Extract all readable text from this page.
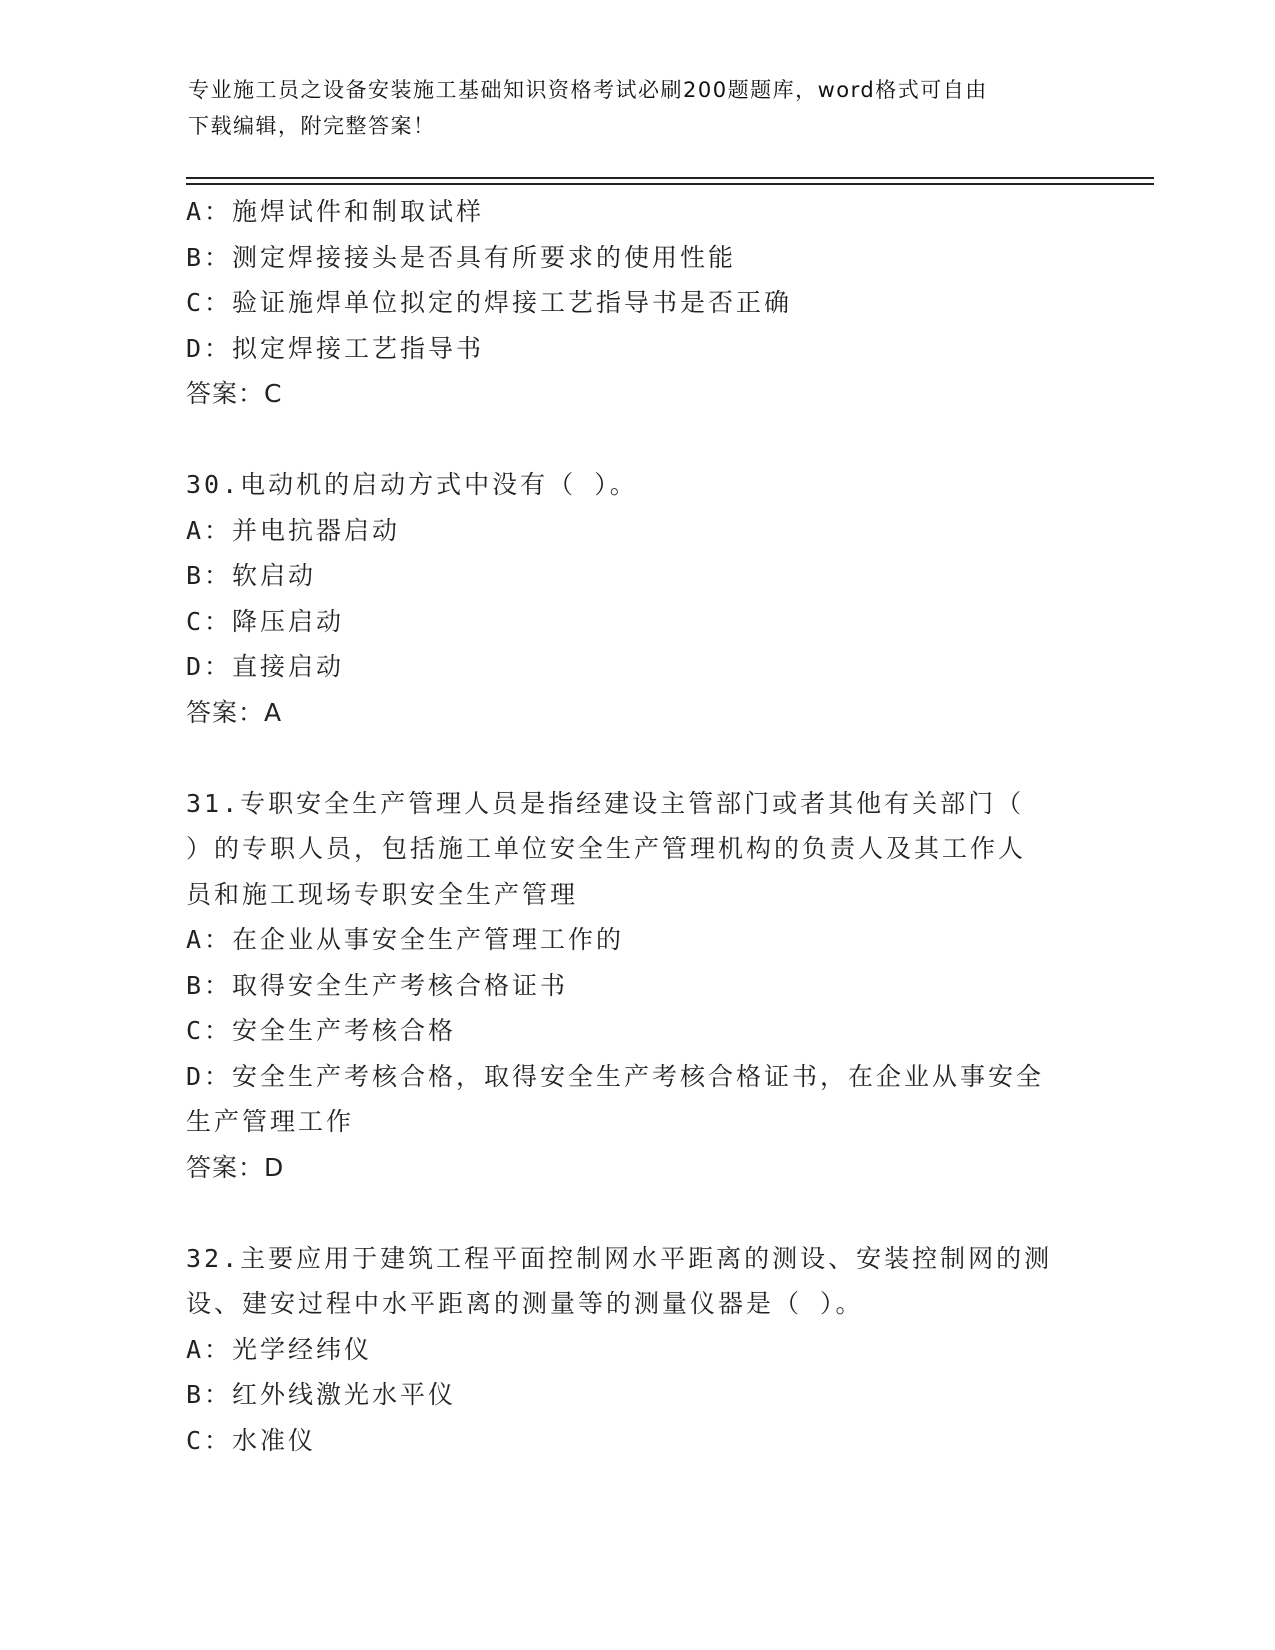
专业施工员之设备安装施工基础知识资格考试必刷200题题库，word格式可自由
下载编辑，附完整答案！
A：施焊试件和制取试样
B：测定焊接接头是否具有所要求的使用性能
C：验证施焊单位拟定的焊接工艺指导书是否正确
D：拟定焊接工艺指导书
答案：C
30.电动机的启动方式中没有（ ）。
A：并电抗器启动
B：软启动
C：降压启动
D：直接启动
答案：A
31.专职安全生产管理人员是指经建设主管部门或者其他有关部门（
）的专职人员，包括施工单位安全生产管理机构的负责人及其工作人
员和施工现场专职安全生产管理
A：在企业从事安全生产管理工作的
B：取得安全生产考核合格证书
C：安全生产考核合格
D：安全生产考核合格，取得安全生产考核合格证书，在企业从事安全
生产管理工作
答案：D
32.主要应用于建筑工程平面控制网水平距离的测设、安装控制网的测
设、建安过程中水平距离的测量等的测量仪器是（ ）。
A：光学经纬仪
B：红外线激光水平仪
C：水准仪
